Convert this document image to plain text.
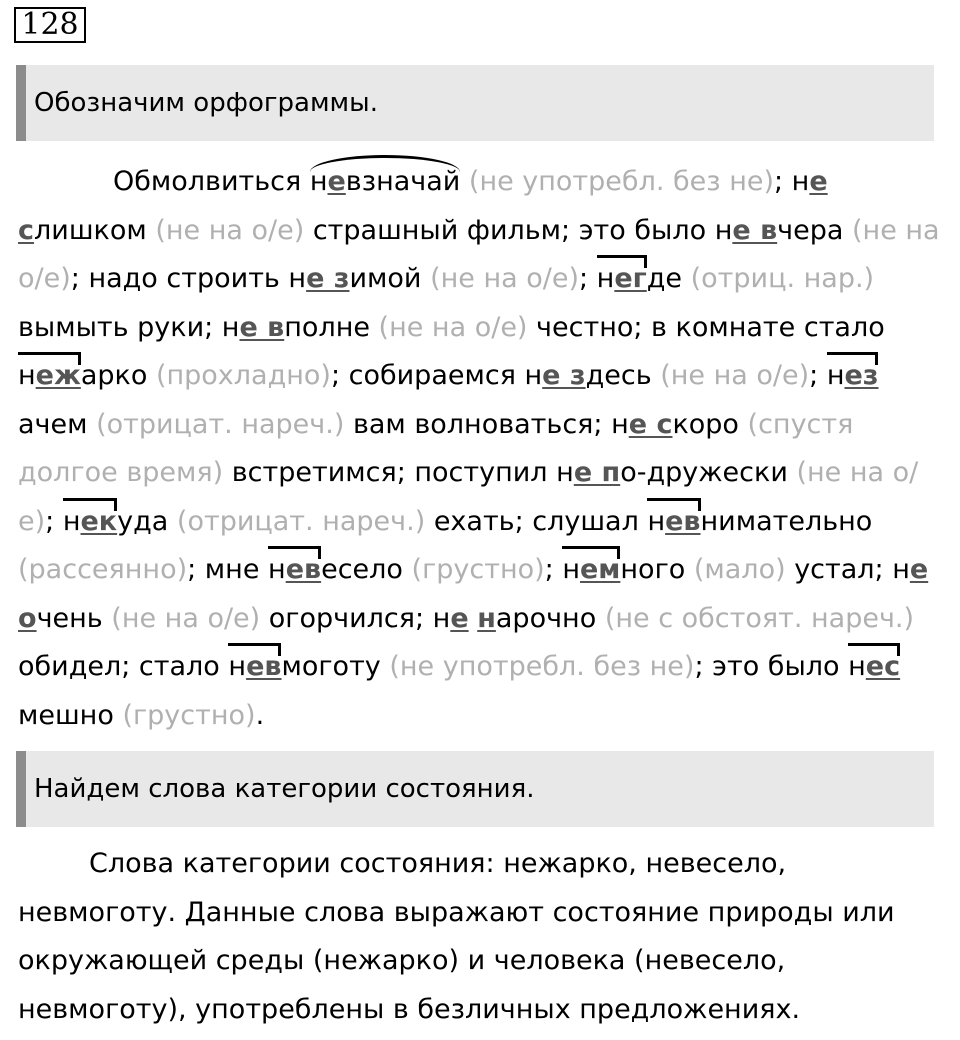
128
Обозначим орфограммы.
Обмолвиться невзначай (не употребл. без не); не слишком (не на о/е) страшный фильм; это было не вчера (не на о/е); надо строить не зимой (не на о/е); негде (отриц. нар.) вымыть руки; не вполне (не на о/е) честно; в комнате стало нежарко (прохладно); собираемся не здесь (не на о/е); незачем (отрицат. нареч.) вам волноваться; не скоро (спустя долгое время) встретимся; поступил не по-дружески (не на о/е); некуда (отрицат. нареч.) ехать; слушал невнимательно (рассеянно); мне невесело (грустно); немного (мало) устал; не очень (не на о/е) огорчился; не нарочно (не с обстоят. нареч.) обидел; стало невмоготу (не употребл. без не); это было несмешно (грустно).
Найдем слова категории состояния.
Слова категории состояния: нежарко, невесело, невмоготу. Данные слова выражают состояние природы или окружающей среды (нежарко) и человека (невесело, невмоготу), употреблены в безличных предложениях.
